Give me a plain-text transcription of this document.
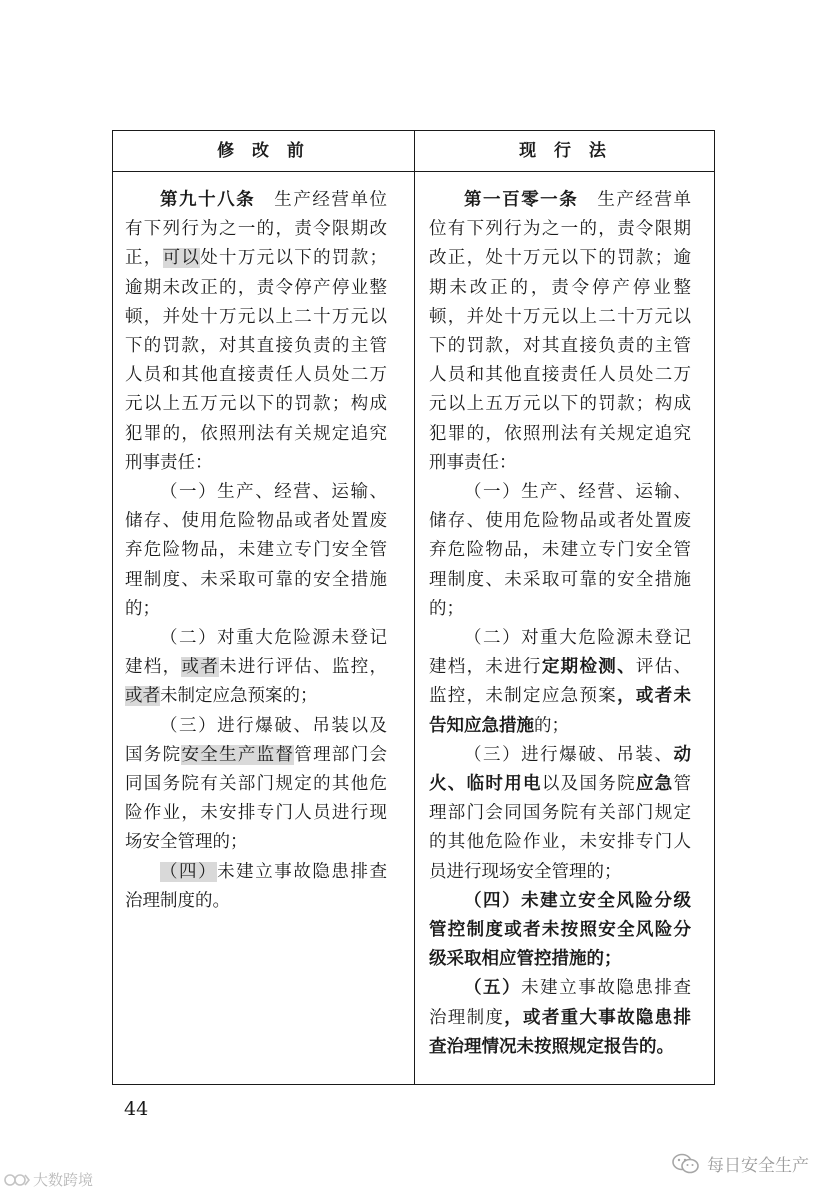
修 改 前	现 行 法

第九十八条　生产经营单位有下列行为之一的，责令限期改正，可以处十万元以下的罚款；逾期未改正的，责令停产停业整顿，并处十万元以上二十万元以下的罚款，对其直接负责的主管人员和其他直接责任人员处二万元以上五万元以下的罚款；构成犯罪的，依照刑法有关规定追究刑事责任：

（一）生产、经营、运输、储存、使用危险物品或者处置废弃危险物品，未建立专门安全管理制度、未采取可靠的安全措施的；

（二）对重大危险源未登记建档，或者未进行评估、监控，或者未制定应急预案的；

（三）进行爆破、吊装以及国务院安全生产监督管理部门会同国务院有关部门规定的其他危险作业，未安排专门人员进行现场安全管理的；

（四）未建立事故隐患排查治理制度的。

第一百零一条　生产经营单位有下列行为之一的，责令限期改正，处十万元以下的罚款；逾期未改正的，责令停产停业整顿，并处十万元以上二十万元以下的罚款，对其直接负责的主管人员和其他直接责任人员处二万元以上五万元以下的罚款；构成犯罪的，依照刑法有关规定追究刑事责任：

（一）生产、经营、运输、储存、使用危险物品或者处置废弃危险物品，未建立专门安全管理制度、未采取可靠的安全措施的；

（二）对重大危险源未登记建档，未进行定期检测、评估、监控，未制定应急预案，或者未告知应急措施的；

（三）进行爆破、吊装、动火、临时用电以及国务院应急管理部门会同国务院有关部门规定的其他危险作业，未安排专门人员进行现场安全管理的；

（四）未建立安全风险分级管控制度或者未按照安全风险分级采取相应管控措施的；

（五）未建立事故隐患排查治理制度，或者重大事故隐患排查治理情况未按照规定报告的。

44
大数跨境
每日安全生产
